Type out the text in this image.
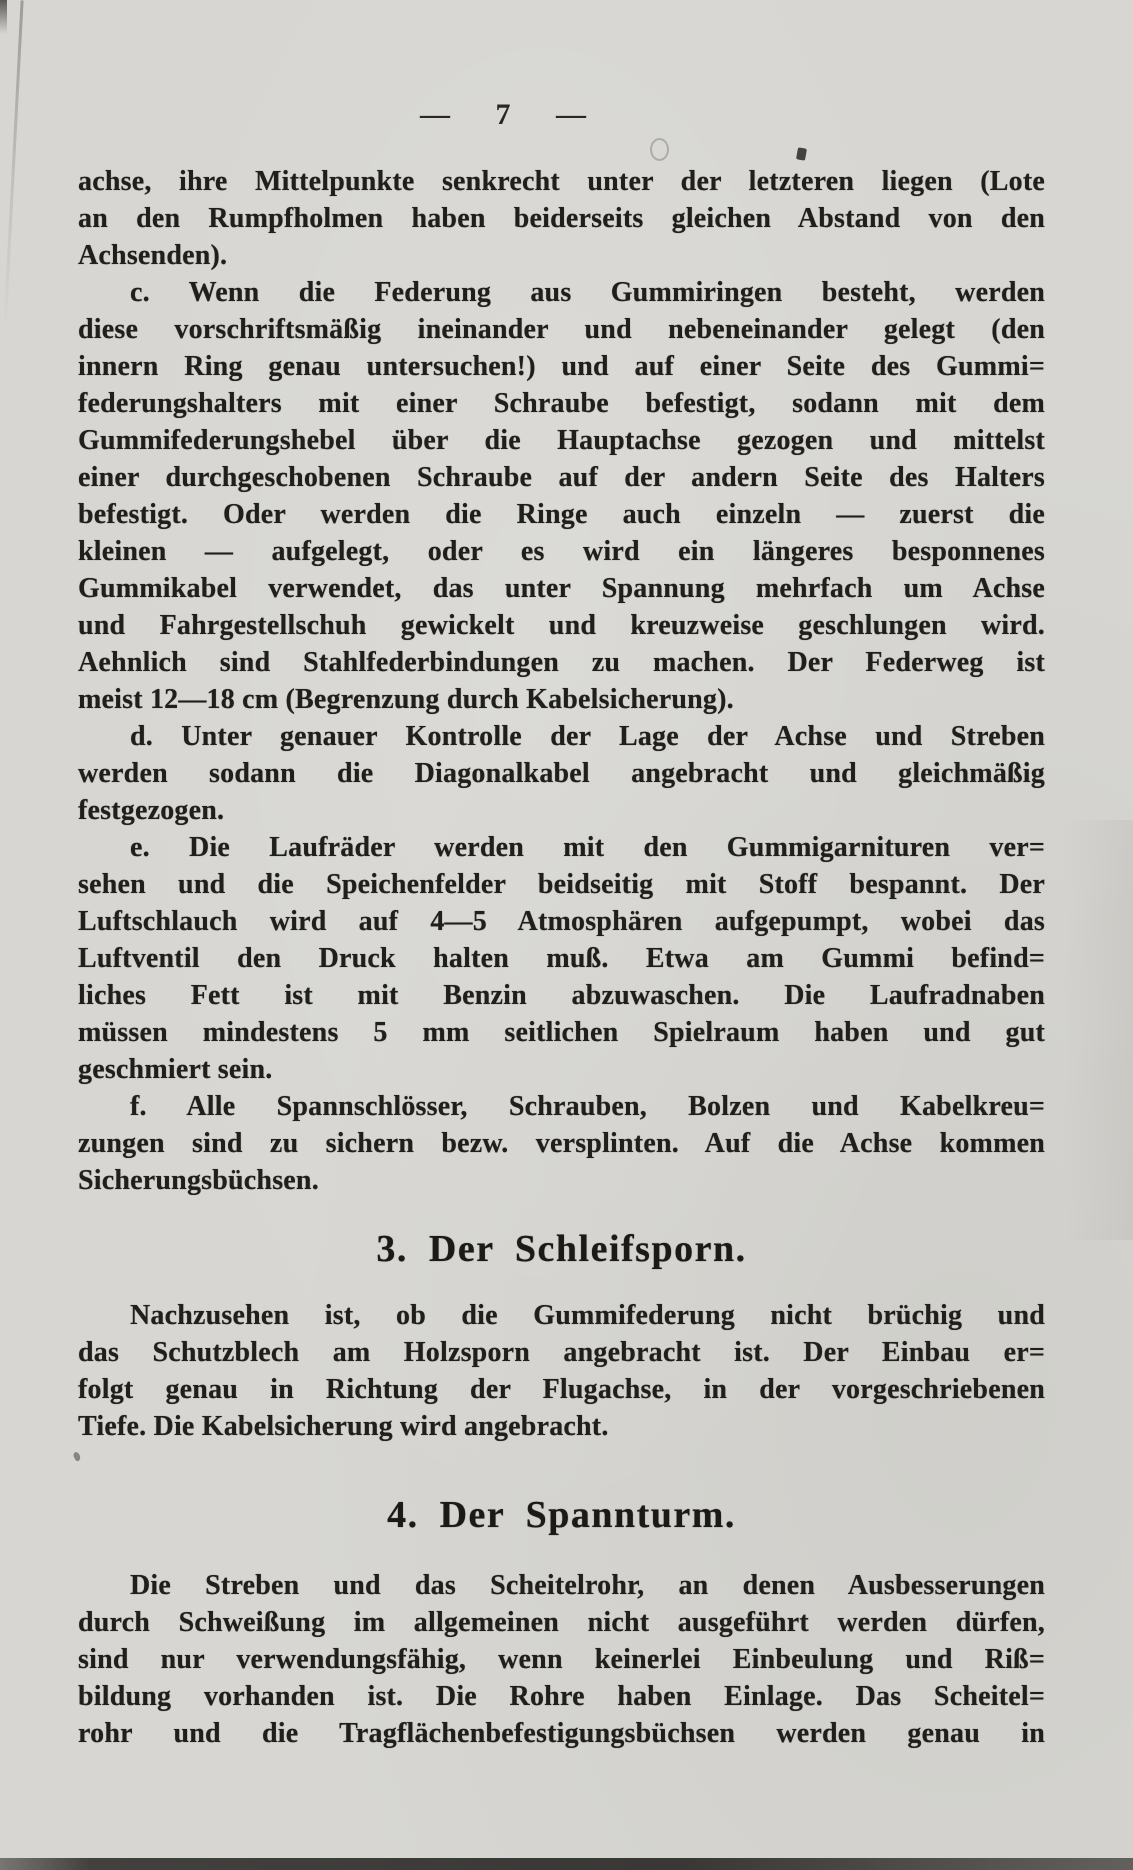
— 7 —
achse, ihre Mittelpunkte senkrecht unter der letzteren liegen (Lote
an den Rumpfholmen haben beiderseits gleichen Abstand von den
Achsenden).
c. Wenn die Federung aus Gummiringen besteht, werden
diese vorschriftsmäßig ineinander und nebeneinander gelegt (den
innern Ring genau untersuchen!) und auf einer Seite des Gummi=
federungshalters mit einer Schraube befestigt, sodann mit dem
Gummifederungshebel über die Hauptachse gezogen und mittelst
einer durchgeschobenen Schraube auf der andern Seite des Halters
befestigt. Oder werden die Ringe auch einzeln — zuerst die
kleinen — aufgelegt, oder es wird ein längeres besponnenes
Gummikabel verwendet, das unter Spannung mehrfach um Achse
und Fahrgestellschuh gewickelt und kreuzweise geschlungen wird.
Aehnlich sind Stahlfederbindungen zu machen. Der Federweg ist
meist 12—18 cm (Begrenzung durch Kabelsicherung).
d. Unter genauer Kontrolle der Lage der Achse und Streben
werden sodann die Diagonalkabel angebracht und gleichmäßig
festgezogen.
e. Die Laufräder werden mit den Gummigarnituren ver=
sehen und die Speichenfelder beidseitig mit Stoff bespannt. Der
Luftschlauch wird auf 4—5 Atmosphären aufgepumpt, wobei das
Luftventil den Druck halten muß. Etwa am Gummi befind=
liches Fett ist mit Benzin abzuwaschen. Die Laufradnaben
müssen mindestens 5 mm seitlichen Spielraum haben und gut
geschmiert sein.
f. Alle Spannschlösser, Schrauben, Bolzen und Kabelkreu=
zungen sind zu sichern bezw. versplinten. Auf die Achse kommen
Sicherungsbüchsen.
3. Der Schleifsporn.
Nachzusehen ist, ob die Gummifederung nicht brüchig und
das Schutzblech am Holzsporn angebracht ist. Der Einbau er=
folgt genau in Richtung der Flugachse, in der vorgeschriebenen
Tiefe. Die Kabelsicherung wird angebracht.
4. Der Spannturm.
Die Streben und das Scheitelrohr, an denen Ausbesserungen
durch Schweißung im allgemeinen nicht ausgeführt werden dürfen,
sind nur verwendungsfähig, wenn keinerlei Einbeulung und Riß=
bildung vorhanden ist. Die Rohre haben Einlage. Das Scheitel=
rohr und die Tragflächenbefestigungsbüchsen werden genau in
